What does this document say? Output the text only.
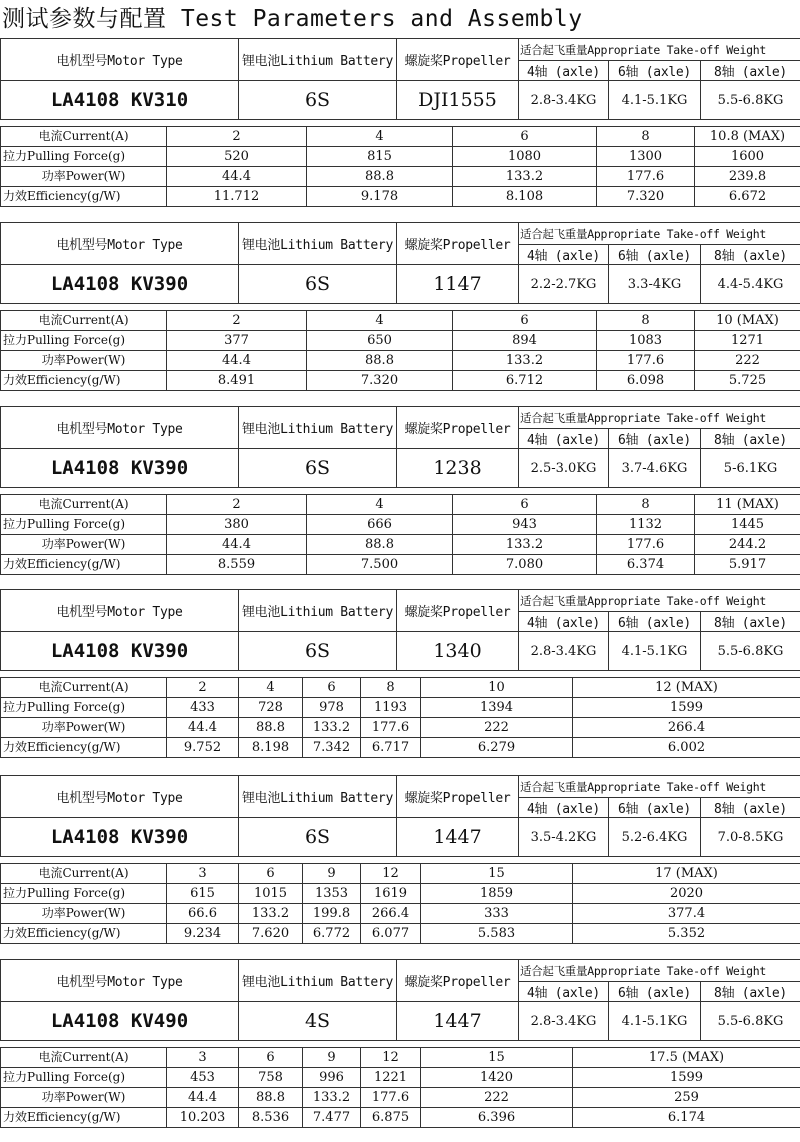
测试参数与配置 Test Parameters and Assembly
电机型号Motor Type	锂电池Lithium Battery	螺旋桨Propeller	适合起飞重量Appropriate Take-off Weight		
			4轴 (axle)	6轴 (axle)	8轴 (axle)
LA4108 KV310	6S	DJI1555	2.8-3.4KG	4.1-5.1KG	5.5-6.8KG
电流Current(A)	2	4	6	8	10.8 (MAX)
拉力Pulling Force(g)	520	815	1080	1300	1600
功率Power(W)	44.4	88.8	133.2	177.6	239.8
力效Efficiency(g/W)	11.712	9.178	8.108	7.320	6.672
电机型号Motor Type	锂电池Lithium Battery	螺旋桨Propeller	适合起飞重量Appropriate Take-off Weight		
			4轴 (axle)	6轴 (axle)	8轴 (axle)
LA4108 KV390	6S	1147	2.2-2.7KG	3.3-4KG	4.4-5.4KG
电流Current(A)	2	4	6	8	10 (MAX)
拉力Pulling Force(g)	377	650	894	1083	1271
功率Power(W)	44.4	88.8	133.2	177.6	222
力效Efficiency(g/W)	8.491	7.320	6.712	6.098	5.725
电机型号Motor Type	锂电池Lithium Battery	螺旋桨Propeller	适合起飞重量Appropriate Take-off Weight		
			4轴 (axle)	6轴 (axle)	8轴 (axle)
LA4108 KV390	6S	1238	2.5-3.0KG	3.7-4.6KG	5-6.1KG
电流Current(A)	2	4	6	8	11 (MAX)
拉力Pulling Force(g)	380	666	943	1132	1445
功率Power(W)	44.4	88.8	133.2	177.6	244.2
力效Efficiency(g/W)	8.559	7.500	7.080	6.374	5.917
电机型号Motor Type	锂电池Lithium Battery	螺旋桨Propeller	适合起飞重量Appropriate Take-off Weight		
			4轴 (axle)	6轴 (axle)	8轴 (axle)
LA4108 KV390	6S	1340	2.8-3.4KG	4.1-5.1KG	5.5-6.8KG
电流Current(A)	2	4	6	8	10	12 (MAX)
拉力Pulling Force(g)	433	728	978	1193	1394	1599
功率Power(W)	44.4	88.8	133.2	177.6	222	266.4
力效Efficiency(g/W)	9.752	8.198	7.342	6.717	6.279	6.002
电机型号Motor Type	锂电池Lithium Battery	螺旋桨Propeller	适合起飞重量Appropriate Take-off Weight		
			4轴 (axle)	6轴 (axle)	8轴 (axle)
LA4108 KV390	6S	1447	3.5-4.2KG	5.2-6.4KG	7.0-8.5KG
电流Current(A)	3	6	9	12	15	17 (MAX)
拉力Pulling Force(g)	615	1015	1353	1619	1859	2020
功率Power(W)	66.6	133.2	199.8	266.4	333	377.4
力效Efficiency(g/W)	9.234	7.620	6.772	6.077	5.583	5.352
电机型号Motor Type	锂电池Lithium Battery	螺旋桨Propeller	适合起飞重量Appropriate Take-off Weight		
			4轴 (axle)	6轴 (axle)	8轴 (axle)
LA4108 KV490	4S	1447	2.8-3.4KG	4.1-5.1KG	5.5-6.8KG
电流Current(A)	3	6	9	12	15	17.5 (MAX)
拉力Pulling Force(g)	453	758	996	1221	1420	1599
功率Power(W)	44.4	88.8	133.2	177.6	222	259
力效Efficiency(g/W)	10.203	8.536	7.477	6.875	6.396	6.174
